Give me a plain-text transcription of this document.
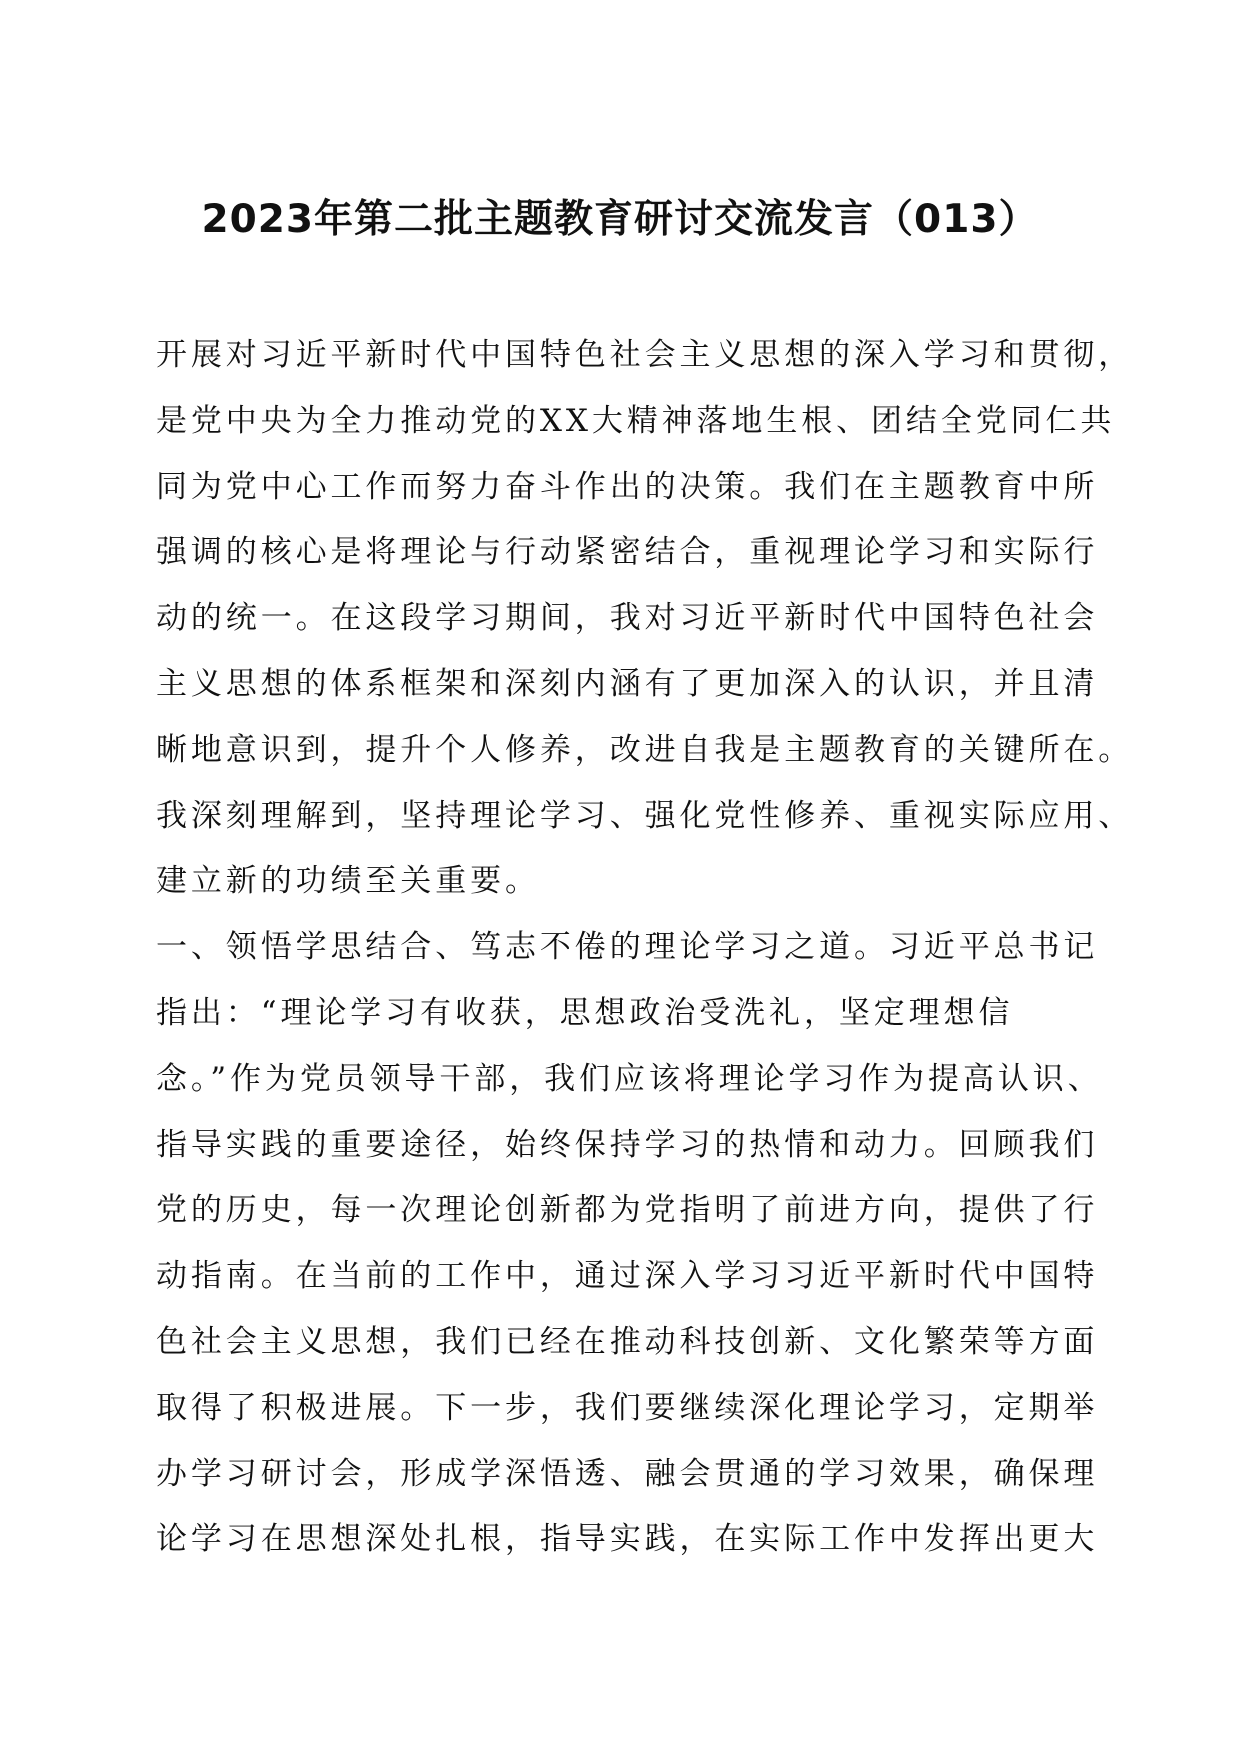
2023年第二批主题教育研讨交流发言（013）
开展对习近平新时代中国特色社会主义思想的深入学习和贯彻，
是党中央为全力推动党的XX大精神落地生根、团结全党同仁共
同为党中心工作而努力奋斗作出的决策。我们在主题教育中所
强调的核心是将理论与行动紧密结合，重视理论学习和实际行
动的统一。在这段学习期间，我对习近平新时代中国特色社会
主义思想的体系框架和深刻内涵有了更加深入的认识，并且清
晰地意识到，提升个人修养，改进自我是主题教育的关键所在。
我深刻理解到，坚持理论学习、强化党性修养、重视实际应用、
建立新的功绩至关重要。
一、领悟学思结合、笃志不倦的理论学习之道。习近平总书记
指出：“理论学习有收获，思想政治受洗礼，坚定理想信
念。”作为党员领导干部，我们应该将理论学习作为提高认识、
指导实践的重要途径，始终保持学习的热情和动力。回顾我们
党的历史，每一次理论创新都为党指明了前进方向，提供了行
动指南。在当前的工作中，通过深入学习习近平新时代中国特
色社会主义思想，我们已经在推动科技创新、文化繁荣等方面
取得了积极进展。下一步，我们要继续深化理论学习，定期举
办学习研讨会，形成学深悟透、融会贯通的学习效果，确保理
论学习在思想深处扎根，指导实践，在实际工作中发挥出更大
